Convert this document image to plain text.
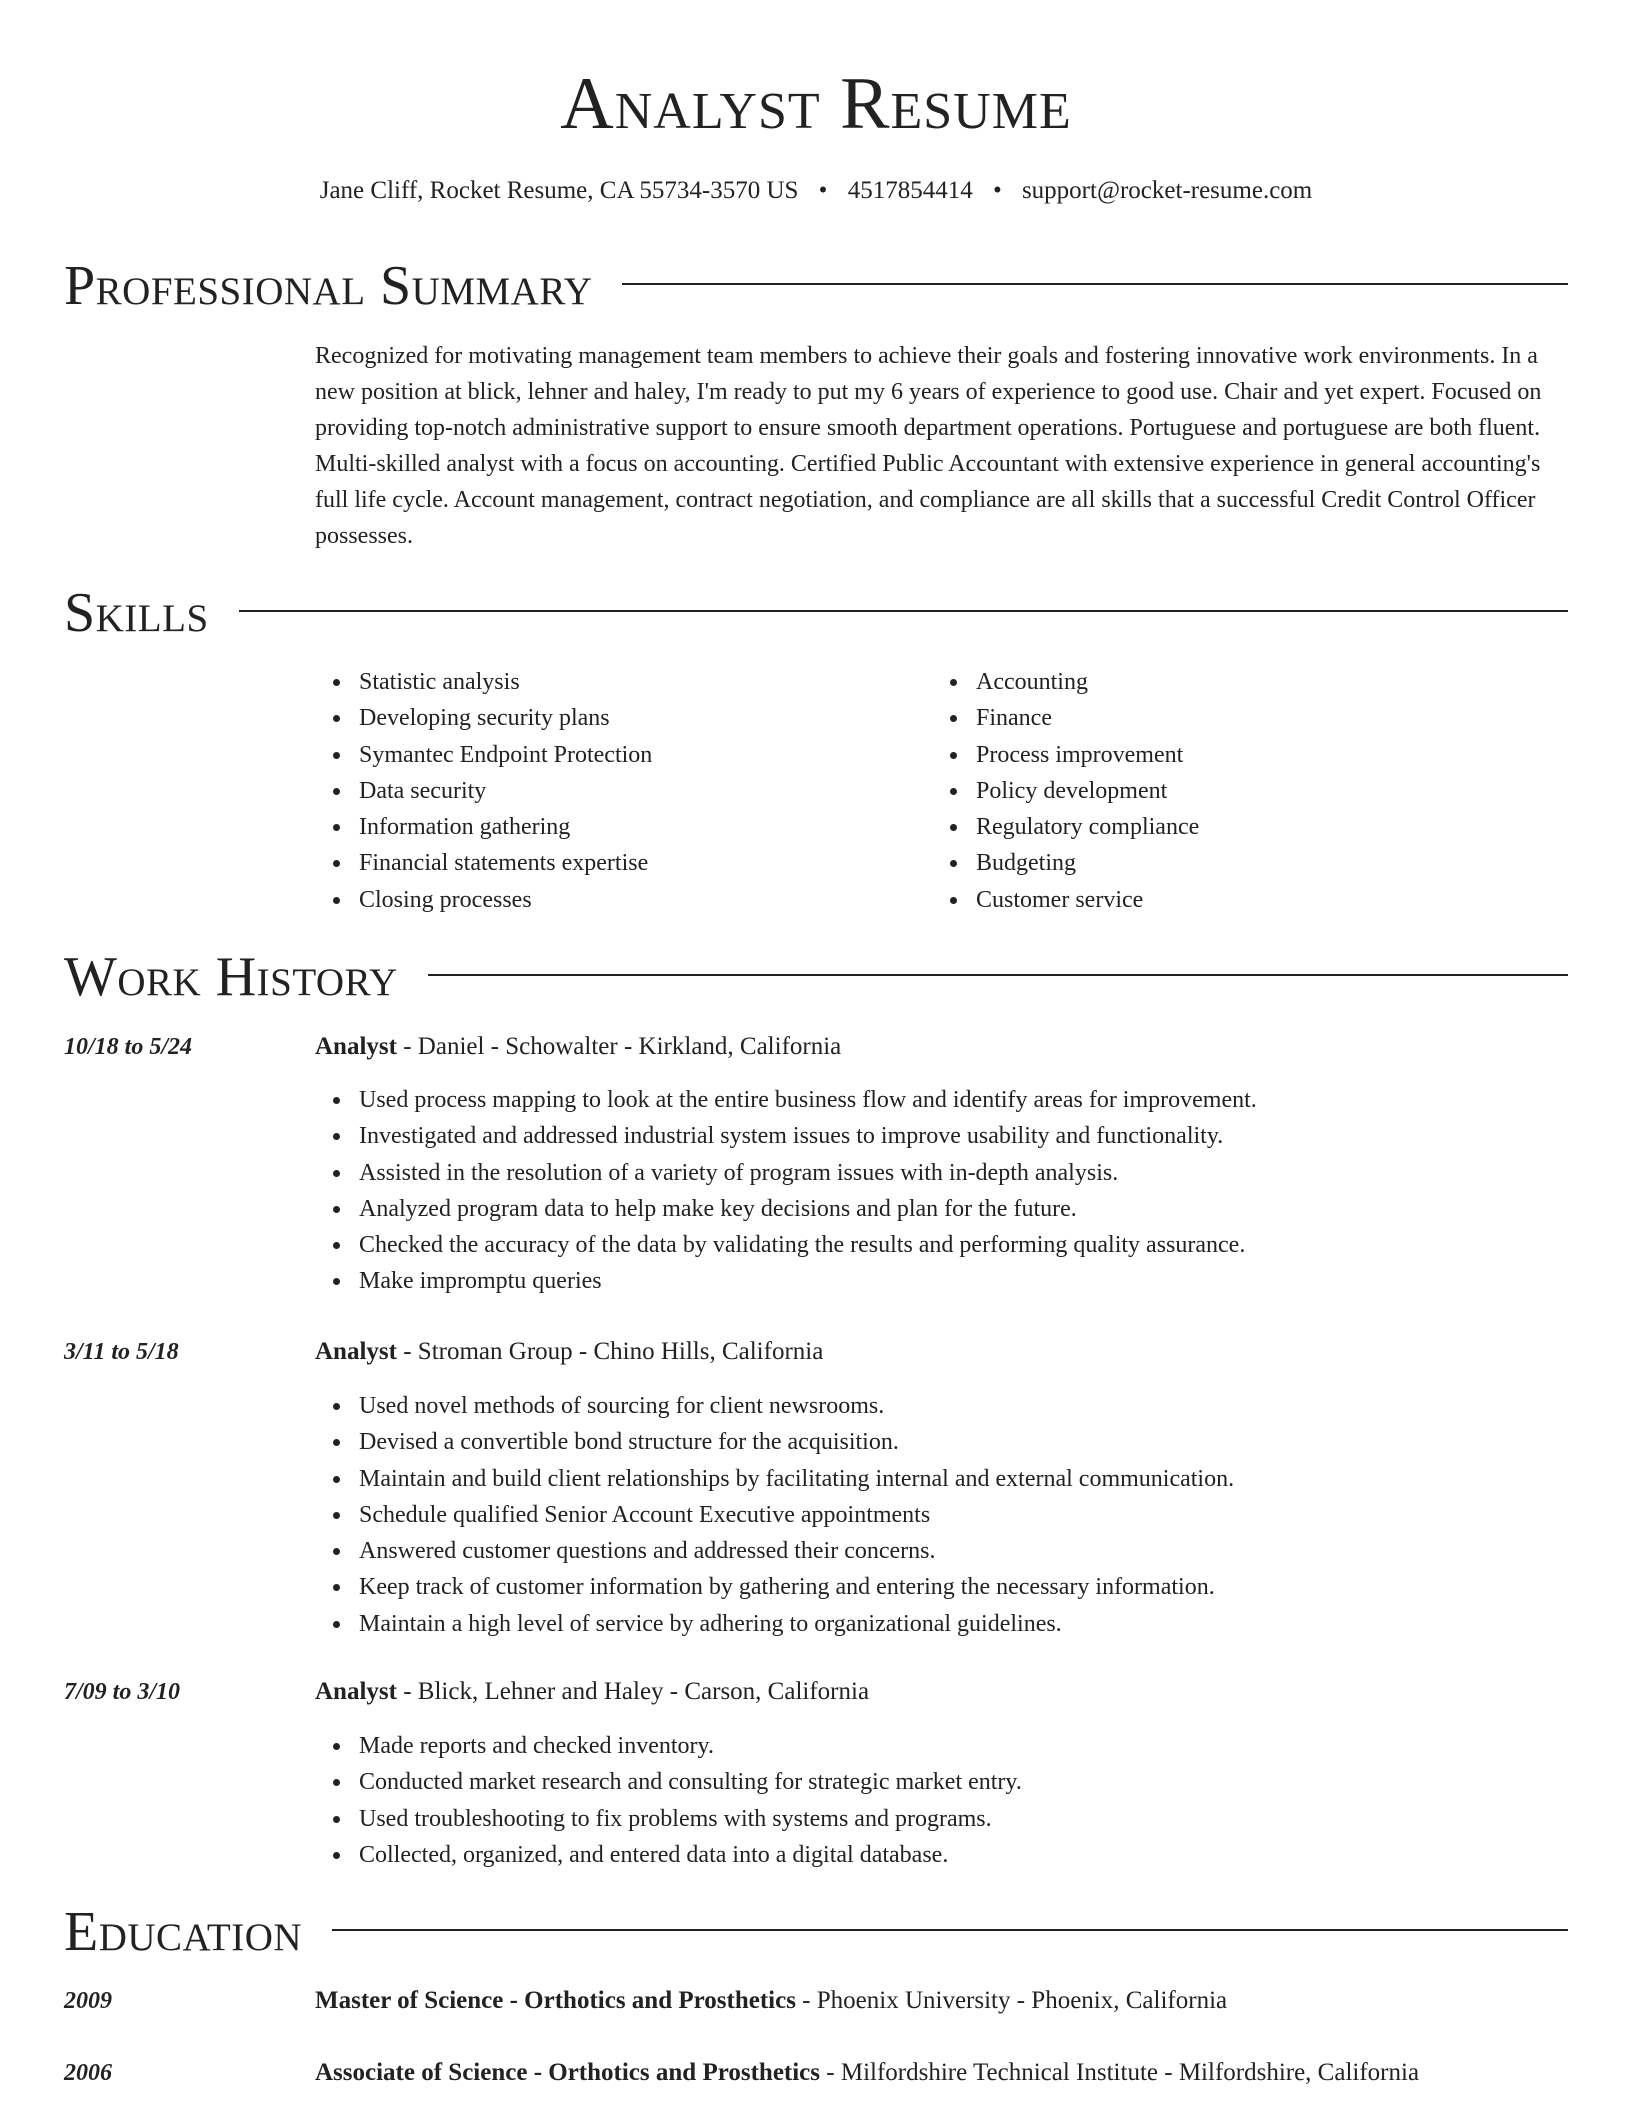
Analyst Resume
Jane Cliff, Rocket Resume, CA 55734-3570 US • 4517854414 • support@rocket-resume.com
Professional Summary
Recognized for motivating management team members to achieve their goals and fostering innovative work environments. In a new position at blick, lehner and haley, I'm ready to put my 6 years of experience to good use. Chair and yet expert. Focused on providing top-notch administrative support to ensure smooth department operations. Portuguese and portuguese are both fluent. Multi-skilled analyst with a focus on accounting. Certified Public Accountant with extensive experience in general accounting's full life cycle. Account management, contract negotiation, and compliance are all skills that a successful Credit Control Officer possesses.
Skills
Statistic analysis
Developing security plans
Symantec Endpoint Protection
Data security
Information gathering
Financial statements expertise
Closing processes
Accounting
Finance
Process improvement
Policy development
Regulatory compliance
Budgeting
Customer service
Work History
10/18 to 5/24	Analyst - Daniel - Schowalter - Kirkland, California
Used process mapping to look at the entire business flow and identify areas for improvement.
Investigated and addressed industrial system issues to improve usability and functionality.
Assisted in the resolution of a variety of program issues with in-depth analysis.
Analyzed program data to help make key decisions and plan for the future.
Checked the accuracy of the data by validating the results and performing quality assurance.
Make impromptu queries
3/11 to 5/18	Analyst - Stroman Group - Chino Hills, California
Used novel methods of sourcing for client newsrooms.
Devised a convertible bond structure for the acquisition.
Maintain and build client relationships by facilitating internal and external communication.
Schedule qualified Senior Account Executive appointments
Answered customer questions and addressed their concerns.
Keep track of customer information by gathering and entering the necessary information.
Maintain a high level of service by adhering to organizational guidelines.
7/09 to 3/10	Analyst - Blick, Lehner and Haley - Carson, California
Made reports and checked inventory.
Conducted market research and consulting for strategic market entry.
Used troubleshooting to fix problems with systems and programs.
Collected, organized, and entered data into a digital database.
Education
2009	Master of Science - Orthotics and Prosthetics - Phoenix University - Phoenix, California
2006	Associate of Science - Orthotics and Prosthetics - Milfordshire Technical Institute - Milfordshire, California
